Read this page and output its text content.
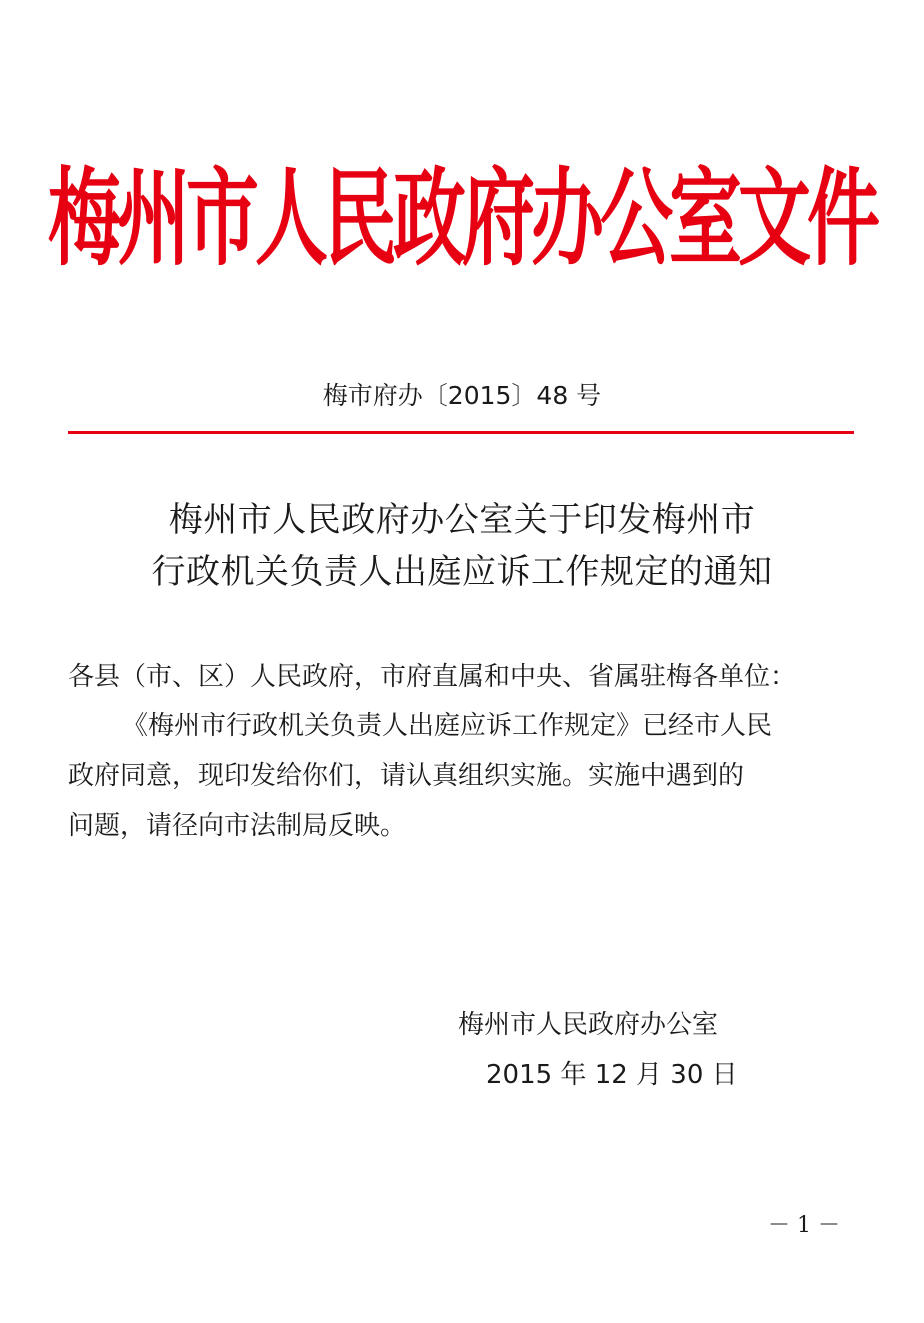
梅州市人民政府办公室文件
梅市府办〔2015〕48 号
梅州市人民政府办公室关于印发梅州市
行政机关负责人出庭应诉工作规定的通知
各县（市、区）人民政府，市府直属和中央、省属驻梅各单位：
《梅州市行政机关负责人出庭应诉工作规定》已经市人民
政府同意，现印发给你们，请认真组织实施。实施中遇到的
问题，请径向市法制局反映。
梅州市人民政府办公室
2015 年 12 月 30 日
－ 1 －
